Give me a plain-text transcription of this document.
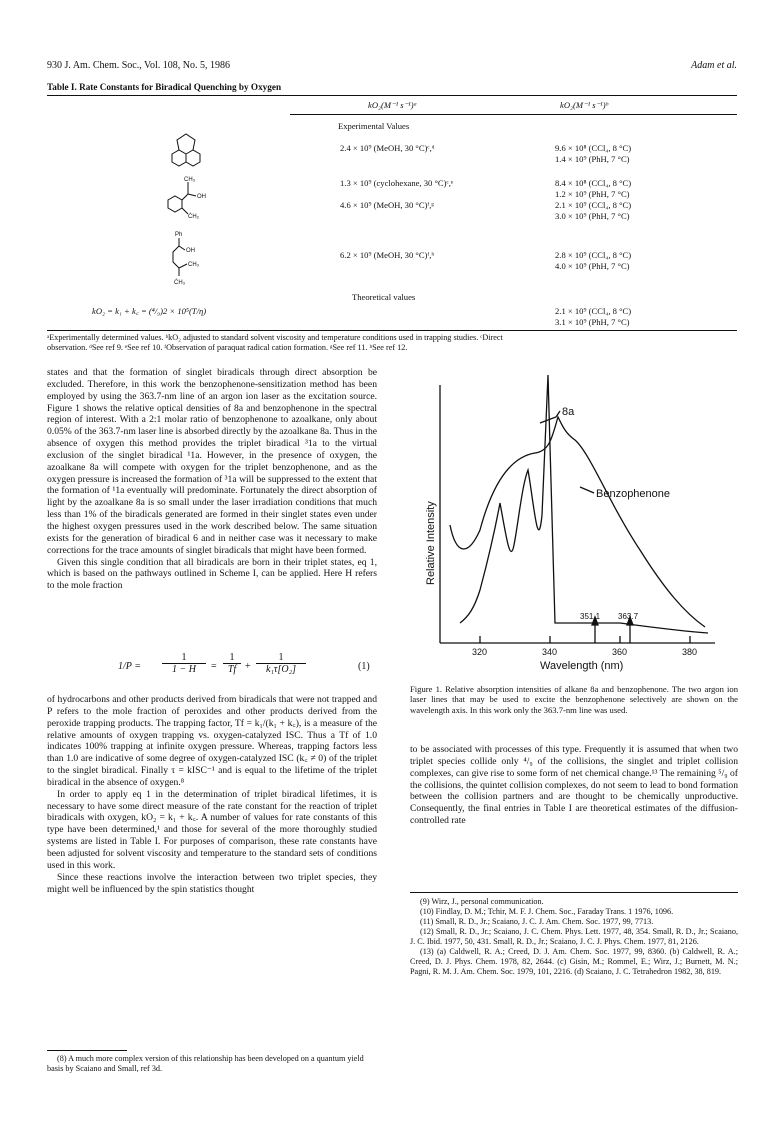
930 J. Am. Chem. Soc., Vol. 108, No. 5, 1986	Adam et al.
Table I. Rate Constants for Biradical Quenching by Oxygen
kO₂(M⁻¹ s⁻¹)ᵃ	kO₂(M⁻¹ s⁻¹)ᵇ
Experimental Values
CH₃
OH
ĊH₂
Ph
OH
CH₃
ĊH₃
2.4 × 10⁹ (MeOH, 30 °C)ᶜ,ᵈ	9.6 × 10⁸ (CCl₄, 8 °C)
1.4 × 10⁹ (PhH, 7 °C)
1.3 × 10⁹ (cyclohexane, 30 °C)ᶜ,ᵉ	8.4 × 10⁸ (CCl₄, 8 °C)
1.2 × 10⁹ (PhH, 7 °C)
4.6 × 10⁹ (MeOH, 30 °C)ᶠ,ᵍ	2.1 × 10⁹ (CCl₄, 8 °C)
3.0 × 10⁹ (PhH, 7 °C)
6.2 × 10⁹ (MeOH, 30 °C)ᶠ,ʰ	2.8 × 10⁹ (CCl₄, 8 °C)
4.0 × 10⁹ (PhH, 7 °C)
Theoretical values
kO₂ = k₁ + k꜀ = (⁴/₉)2 × 10⁵(T/η)	2.1 × 10⁹ (CCl₄, 8 °C)
3.1 × 10⁹ (PhH, 7 °C)
ᵃExperimentally determined values. ᵇkO₂ adjusted to standard solvent viscosity and temperature conditions used in trapping studies. ᶜDirect
observation. ᵈSee ref 9. ᵉSee ref 10. ᶠObservation of paraquat radical cation formation. ᵍSee ref 11. ʰSee ref 12.

states and that the formation of singlet biradicals through direct absorption be excluded. Therefore, in this work the benzophenone-sensitization method has been employed by using the 363.7-nm line of an argon ion laser as the excitation source. Figure 1 shows the relative optical densities of 8a and benzophenone in the spectral region of interest. With a 2:1 molar ratio of benzophenone to azoalkane, only about 0.05% of the 363.7-nm laser line is absorbed directly by the azoalkane 8a. Thus in the absence of oxygen this method provides the triplet biradical ³1a to the virtual exclusion of the singlet biradical ¹1a. However, in the presence of oxygen, the azoalkane 8a will compete with oxygen for the triplet benzophenone, and as the oxygen pressure is increased the formation of ³1a will be suppressed to the extent that the formation of ¹1a eventually will predominate. Fortunately the direct absorption of light by the azoalkane 8a is so small under the laser irradiation conditions that much less than 1% of the biradicals generated are formed in their singlet states even under the highest oxygen pressures used in the work described below. The same situation exists for the generation of biradical 6 and in neither case was it necessary to make corrections for the trace amounts of singlet biradicals that might have been formed.

Given this single condition that all biradicals are born in their triplet states, eq 1, which is based on the pathways outlined in Scheme I, can be applied. Here H refers to the mole fraction

$1/P = \frac{1}{1 - H} = \frac{1}{Tf} + \frac{1}{\text{k₁τ[O₂]}}$	(1)

of hydrocarbons and other products derived from biradicals that were not trapped and P refers to the mole fraction of peroxides and other products derived from the peroxide trapping products. The trapping factor, Tf = k₁/(k₁ + k꜀), is a measure of the relative amounts of oxygen trapping vs. oxygen-catalyzed ISC. Thus a Tf of 1.0 indicates 100% trapping at infinite oxygen pressure. Whereas, trapping factors less than 1.0 are indicative of some degree of oxygen-catalyzed ISC (k꜀ ≠ 0) of the triplet to the singlet biradical. Finally τ = kISC⁻¹ and is equal to the lifetime of the triplet biradical in the absence of oxygen.⁸

In order to apply eq 1 in the determination of triplet biradical lifetimes, it is necessary to have some direct measure of the rate constant for the reaction of triplet biradicals with oxygen, kO₂ = k₁ + k꜀. A number of values for rate constants of this type have been determined,¹ and those for several of the more thoroughly studied systems are listed in Table I. For purposes of comparison, these rate constants have been adjusted for solvent viscosity and temperature to the standard sets of conditions used in this work.

Since these reactions involve the interaction between two triplet species, they might well be influenced by the spin statistics thought

(8) A much more complex version of this relationship has been developed on a quantum yield basis by Scaiano and Small, ref 3d.
8a
Benzophenone
351.1 363.7
320	340	360	380
Wavelength (nm)
Relative Intensity
Figure 1. Relative absorption intensities of alkane 8a and benzophenone. The two argon ion laser lines that may be used to excite the benzophenone selectively are shown on the wavelength axis. In this work only the 363.7-nm line was used.

to be associated with processes of this type. Frequently it is assumed that when two triplet species collide only ⁴/₉ of the collisions, the singlet and triplet collision complexes, can give rise to some form of net chemical change.¹³ The remaining ⁵/₉ of the collisions, the quintet collision complexes, do not seem to lead to bond formation between the collision partners and are thought to be chemically unproductive. Consequently, the final entries in Table I are theoretical estimates of the diffusion-controlled rate

(9) Wirz, J., personal communication.
(10) Findlay, D. M.; Tchir, M. F. J. Chem. Soc., Faraday Trans. 1 1976, 1096.
(11) Small, R. D., Jr.; Scaiano, J. C. J. Am. Chem. Soc. 1977, 99, 7713.
(12) Small, R. D., Jr.; Scaiano, J. C. Chem. Phys. Lett. 1977, 48, 354. Small, R. D., Jr.; Scaiano, J. C. Ibid. 1977, 50, 431. Small, R. D., Jr.; Scaiano, J. C. J. Phys. Chem. 1977, 81, 2126.
(13) (a) Caldwell, R. A.; Creed, D. J. Am. Chem. Soc. 1977, 99, 8360. (b) Caldwell, R. A.; Creed, D. J. Phys. Chem. 1978, 82, 2644. (c) Gisin, M.; Rommel, E.; Wirz, J.; Burnett, M. N.; Pagni, R. M. J. Am. Chem. Soc. 1979, 101, 2216. (d) Scaiano, J. C. Tetrahedron 1982, 38, 819.
